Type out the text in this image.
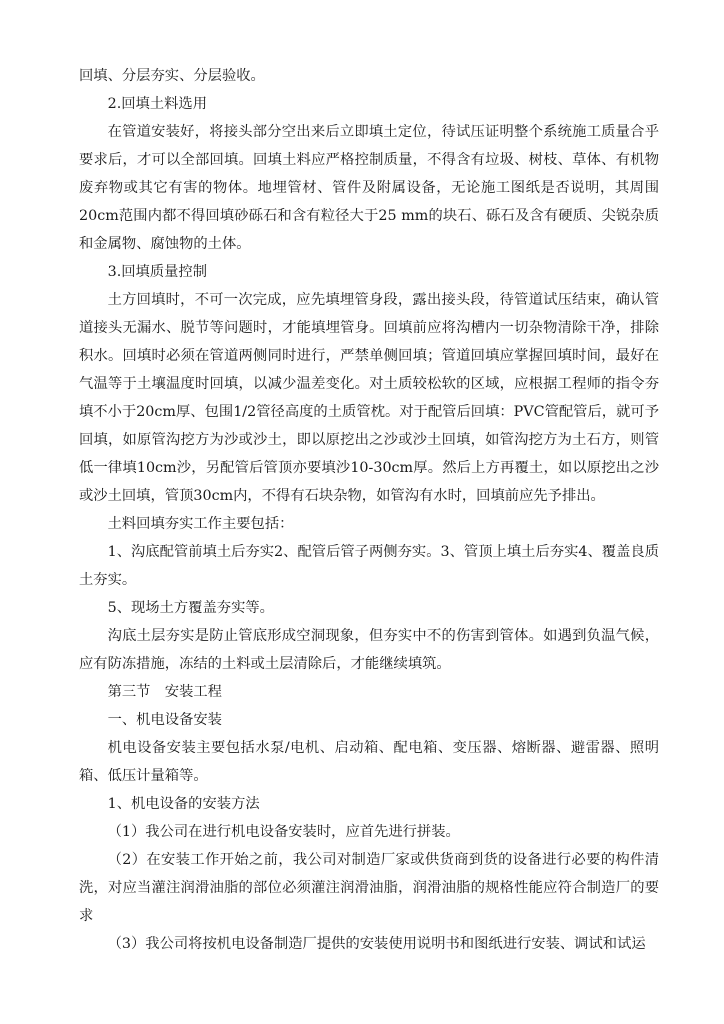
回填、分层夯实、分层验收。

2.回填土料选用

在管道安装好，将接头部分空出来后立即填土定位，待试压证明整个系统施工质量合乎要求后，才可以全部回填。回填土料应严格控制质量，不得含有垃圾、树枝、草体、有机物废弃物或其它有害的物体。地埋管材、管件及附属设备，无论施工图纸是否说明，其周围20cm范围内都不得回填砂砾石和含有粒径大于25 mm的块石、砾石及含有硬质、尖锐杂质和金属物、腐蚀物的土体。

3.回填质量控制

土方回填时，不可一次完成，应先填埋管身段，露出接头段，待管道试压结束，确认管道接头无漏水、脱节等问题时，才能填埋管身。回填前应将沟槽内一切杂物清除干净，排除积水。回填时必须在管道两侧同时进行，严禁单侧回填；管道回填应掌握回填时间，最好在气温等于土壤温度时回填，以减少温差变化。对土质较松软的区域，应根据工程师的指令夯填不小于20cm厚、包围1/2管径高度的土质管枕。对于配管后回填：PVC管配管后，就可予回填，如原管沟挖方为沙或沙土，即以原挖出之沙或沙土回填，如管沟挖方为土石方，则管低一律填10cm沙，另配管后管顶亦要填沙10-30cm厚。然后上方再覆土，如以原挖出之沙或沙土回填，管顶30cm内，不得有石块杂物，如管沟有水时，回填前应先予排出。

土料回填夯实工作主要包括：

1、沟底配管前填土后夯实2、配管后管子两侧夯实。3、管顶上填土后夯实4、覆盖良质土夯实。

5、现场土方覆盖夯实等。

沟底土层夯实是防止管底形成空洞现象，但夯实中不的伤害到管体。如遇到负温气候，应有防冻措施，冻结的土料或土层清除后，才能继续填筑。

第三节　安装工程

一、机电设备安装

机电设备安装主要包括水泵/电机、启动箱、配电箱、变压器、熔断器、避雷器、照明箱、低压计量箱等。

1、机电设备的安装方法

（1）我公司在进行机电设备安装时，应首先进行拼装。

（2）在安装工作开始之前，我公司对制造厂家或供货商到货的设备进行必要的构件清洗，对应当灌注润滑油脂的部位必须灌注润滑油脂，润滑油脂的规格性能应符合制造厂的要求

（3）我公司将按机电设备制造厂提供的安装使用说明书和图纸进行安装、调试和试运
